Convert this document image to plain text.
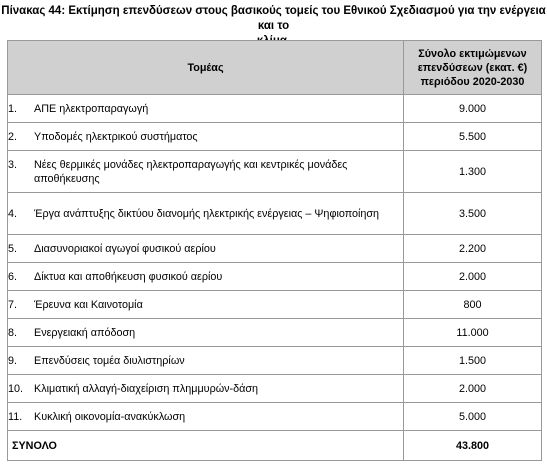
Πίνακας 44: Εκτίμηση επενδύσεων στους βασικούς τομείς του Εθνικού Σχεδιασμού για την ενέργεια και το
Τομέας	Σύνολο εκτιμώμενων
επενδύσεων (εκατ. €)
περιόδου 2020-2030

1. ΑΠΕ ηλεκτροπαραγωγή	9.000
2. Υποδομές ηλεκτρικού συστήματος	5.500

3. Νέες θερμικές μονάδες ηλεκτροπαραγωγής και κεντρικές μονάδες αποθήκευσης	1.300

4. Έργα ανάπτυξης δικτύου διανομής ηλεκτρικής ενέργειας – Ψηφιοποίηση	3.500
5. Διασυνοριακοί αγωγοί φυσικού αερίου	2.200
6. Δίκτυα και αποθήκευση φυσικού αερίου	2.000
7. Έρευνα και Καινοτομία	800
8. Ενεργειακή απόδοση	11.000
9. Επενδύσεις τομέα διυλιστηρίων	1.500
10. Κλιματική αλλαγή-διαχείριση πλημμυρών-δάση	2.000
11. Κυκλική οικονομία-ανακύκλωση	5.000
ΣΥΝΟΛΟ	43.800
